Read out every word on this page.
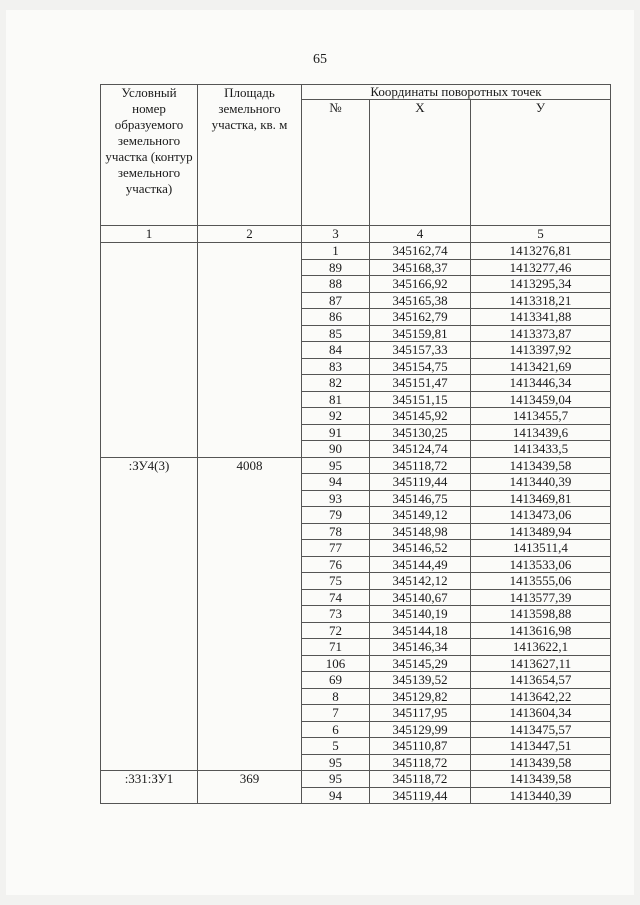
65
Условный номер образуемого земельного участка (контур земельного участка)	Площадь земельного участка, кв. м	Координаты поворотных точек		
		№	X	У
1	2	3	4	5
		1	345162,74	1413276,81
		89	345168,37	1413277,46
		88	345166,92	1413295,34
		87	345165,38	1413318,21
		86	345162,79	1413341,88
		85	345159,81	1413373,87
		84	345157,33	1413397,92
		83	345154,75	1413421,69
		82	345151,47	1413446,34
		81	345151,15	1413459,04
		92	345145,92	1413455,7
		91	345130,25	1413439,6
		90	345124,74	1413433,5
:ЗУ4(3)	4008	95	345118,72	1413439,58
		94	345119,44	1413440,39
		93	345146,75	1413469,81
		79	345149,12	1413473,06
		78	345148,98	1413489,94
		77	345146,52	1413511,4
		76	345144,49	1413533,06
		75	345142,12	1413555,06
		74	345140,67	1413577,39
		73	345140,19	1413598,88
		72	345144,18	1413616,98
		71	345146,34	1413622,1
		106	345145,29	1413627,11
		69	345139,52	1413654,57
		8	345129,82	1413642,22
		7	345117,95	1413604,34
		6	345129,99	1413475,57
		5	345110,87	1413447,51
		95	345118,72	1413439,58
:331:ЗУ1	369	95	345118,72	1413439,58
		94	345119,44	1413440,39
